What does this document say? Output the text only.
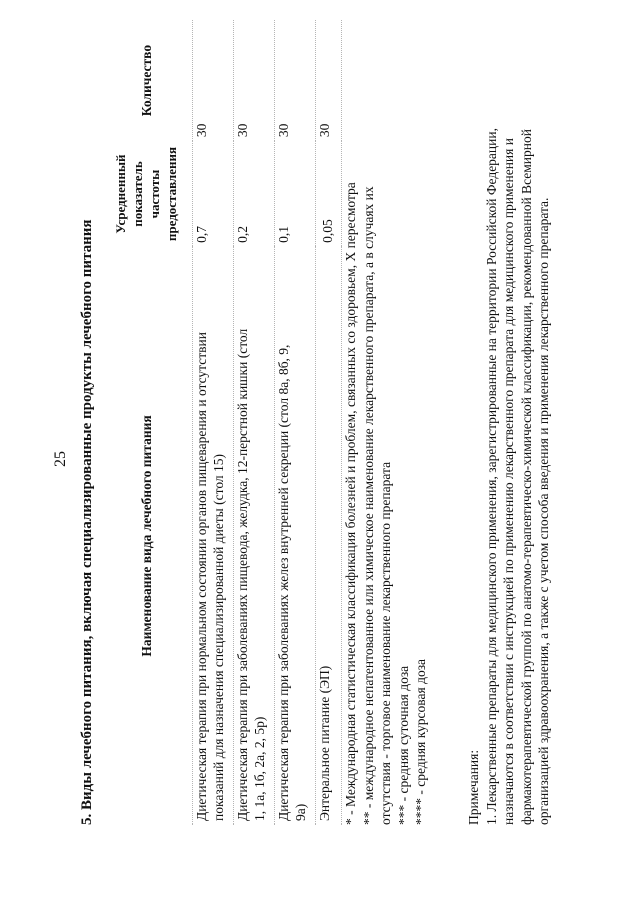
25 5. Виды лечебного питания, включая специализированные продукты лечебного питания	Наименование вида лечебного питания	Усредненный показатель частоты предоставления	Количество
Диетическая терапия при нормальном состоянии органов пищеварения и отсутствии показаний для назначения специализированной диеты (стол 15)	0,7	30
Диетическая терапия при заболеваниях пищевода, желудка, 12-перстной кишки (стол 1, 1а, 1б, 2а, 2, 5р)	0,2	30
Диетическая терапия при заболеваниях желез внутренней секреции (стол 8а, 8б, 9, 9а)	0,1	30
Энтеральное питание (ЭП)	0,05	30
* - Международная статистическая классификация болезней и проблем, связанных со здоровьем, X пересмотра ** - международное непатентованное или химическое наименование лекарственного препарата, а в случаях их отсутствия - торговое наименование лекарственного препарата *** - средняя суточная доза **** - средняя курсовая доза	Примечания: 1. Лекарственные препараты для медицинского применения, зарегистрированные на территории Российской Федерации, назначаются в соответствии с инструкцией по применению лекарственного препарата для медицинского применения и фармакотерапевтической группой по анатомо-терапевтическо-химической классификации, рекомендованной Всемирной организацией здравоохранения, а также с учетом способа введения и применения лекарственного препарата.
